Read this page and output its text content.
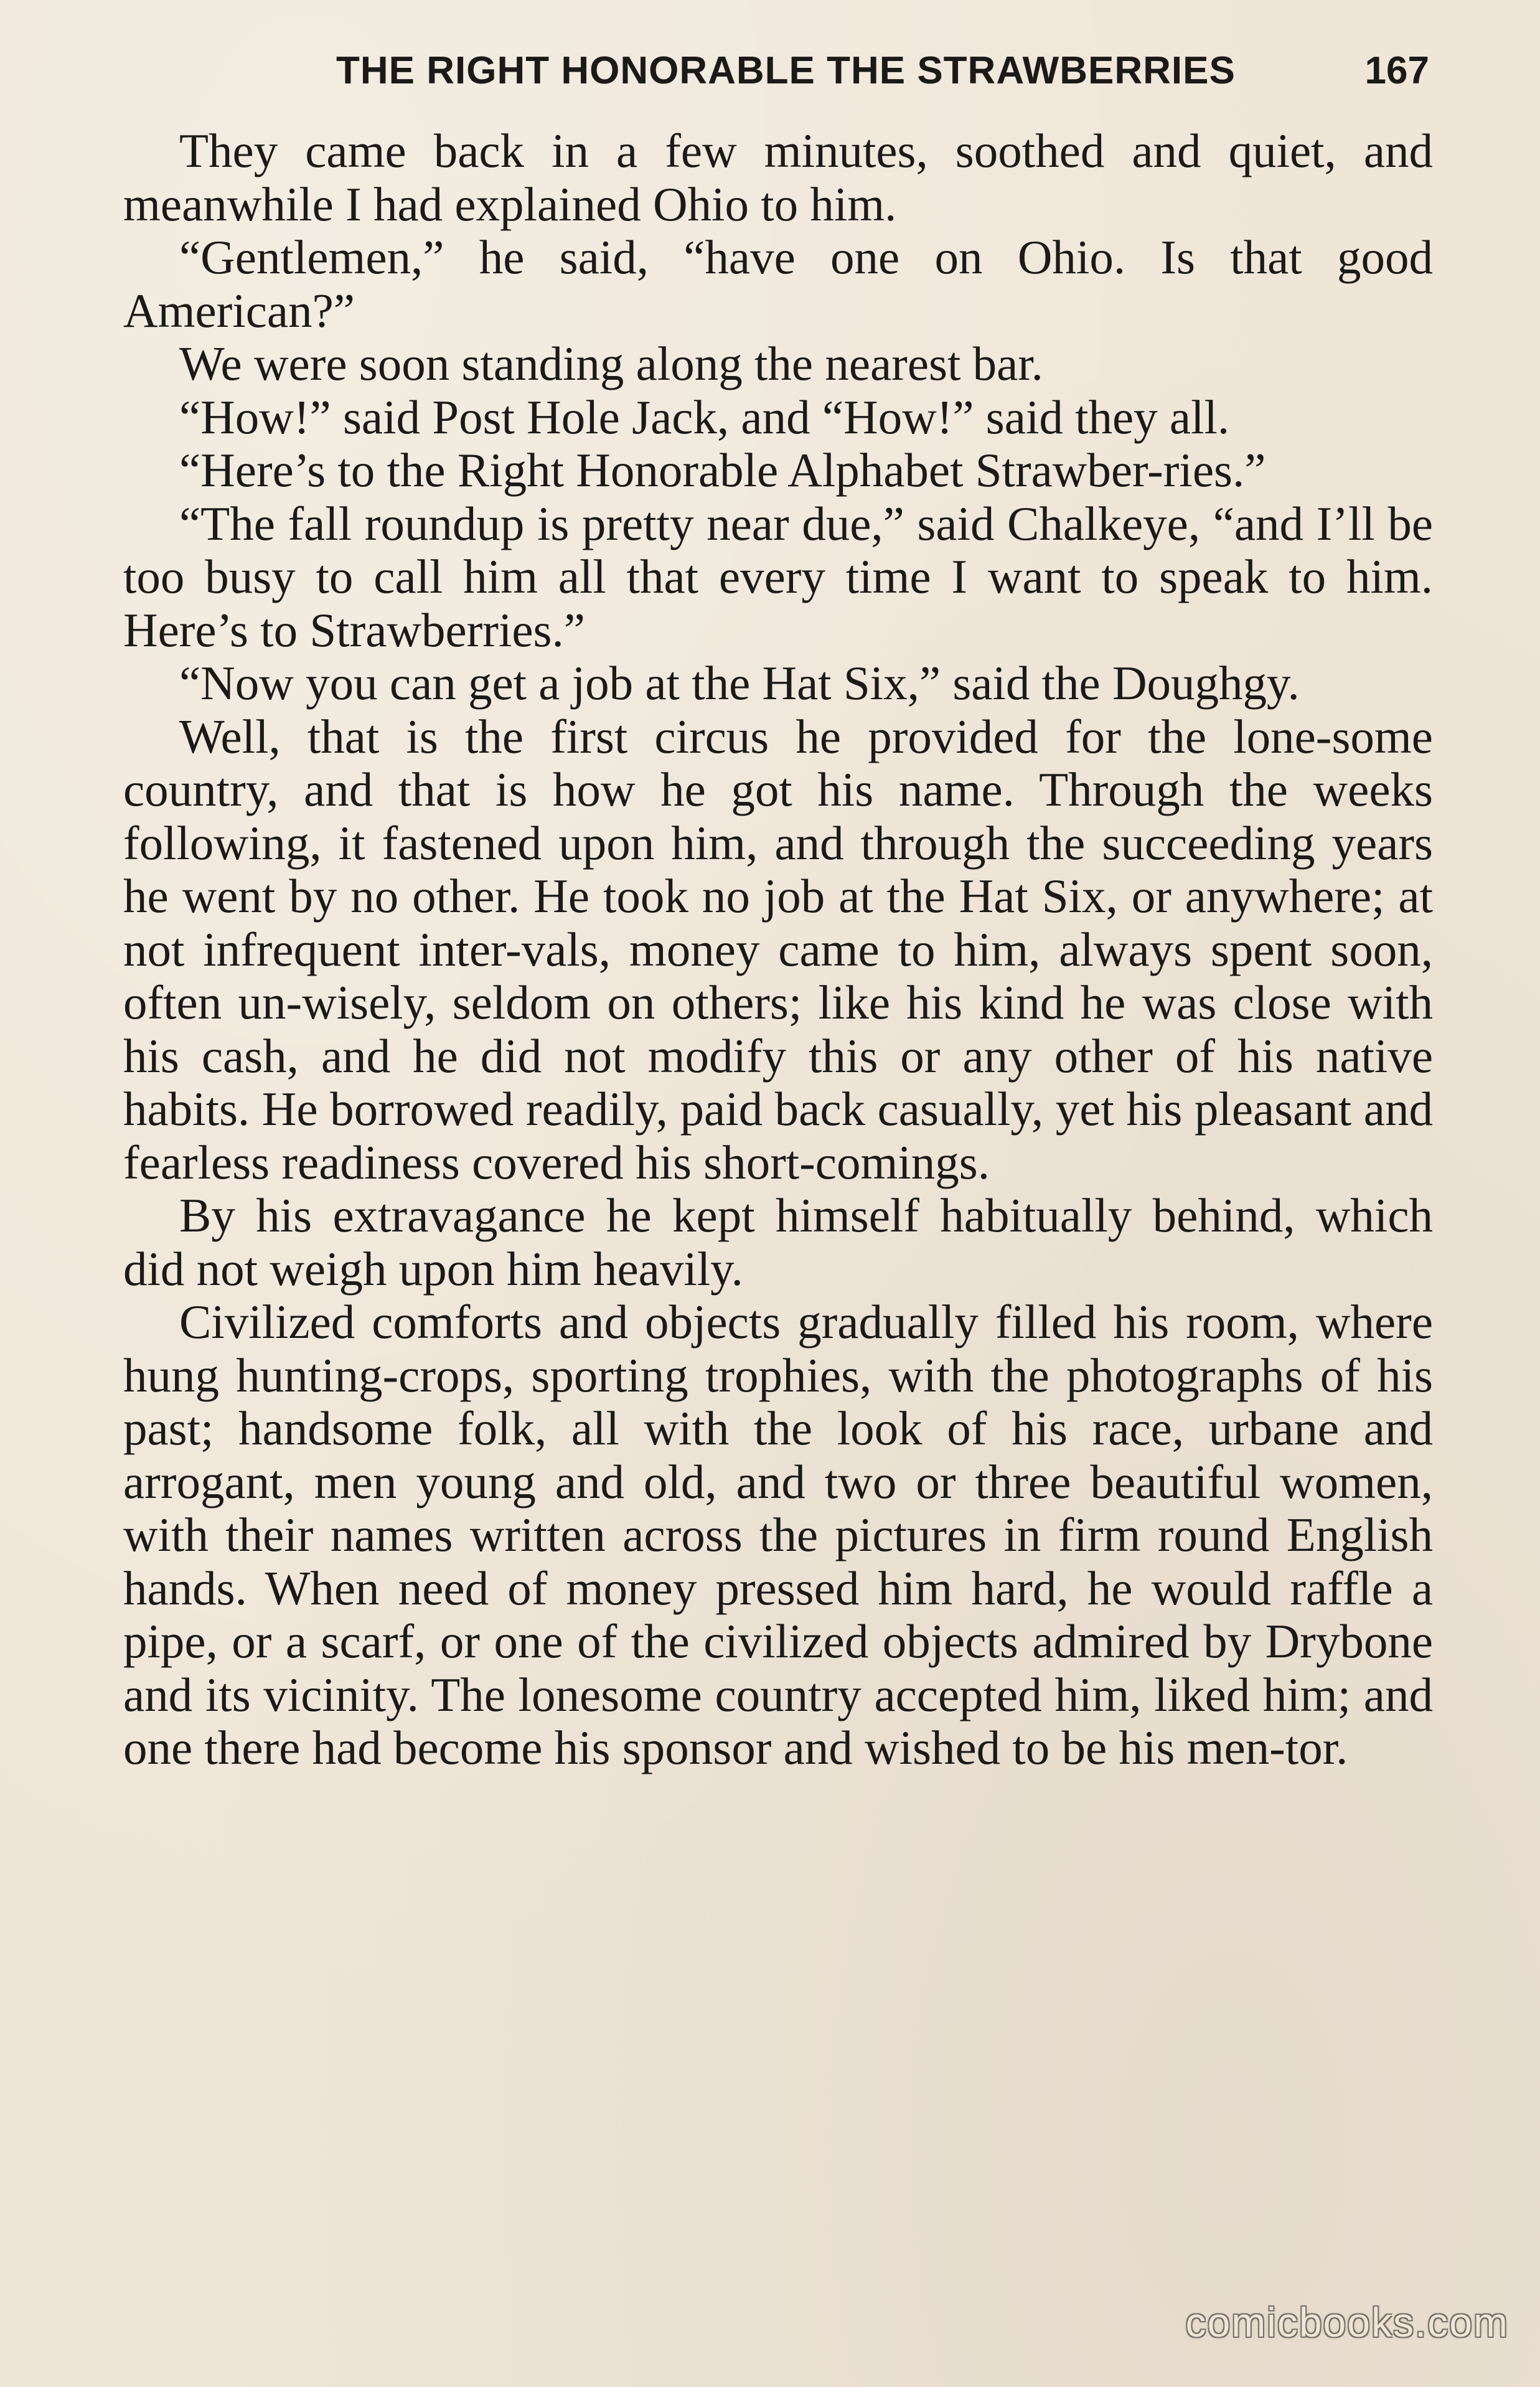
THE RIGHT HONORABLE THE STRAWBERRIES	167

They came back in a few minutes, soothed and quiet, and meanwhile I had explained Ohio to him.

“Gentlemen,” he said, “have one on Ohio. Is that good American?”

We were soon standing along the nearest bar.

“How!” said Post Hole Jack, and “How!” said they all.

“Here’s to the Right Honorable Alphabet Strawber-ries.”

“The fall roundup is pretty near due,” said Chalkeye, “and I’ll be too busy to call him all that every time I want to speak to him. Here’s to Strawberries.”

“Now you can get a job at the Hat Six,” said the Doughgy.

Well, that is the first circus he provided for the lone-some country, and that is how he got his name. Through the weeks following, it fastened upon him, and through the succeeding years he went by no other. He took no job at the Hat Six, or anywhere; at not infrequent inter-vals, money came to him, always spent soon, often un-wisely, seldom on others; like his kind he was close with his cash, and he did not modify this or any other of his native habits. He borrowed readily, paid back casually, yet his pleasant and fearless readiness covered his short-comings.

By his extravagance he kept himself habitually behind, which did not weigh upon him heavily.

Civilized comforts and objects gradually filled his room, where hung hunting-crops, sporting trophies, with the photographs of his past; handsome folk, all with the look of his race, urbane and arrogant, men young and old, and two or three beautiful women, with their names written across the pictures in firm round English hands. When need of money pressed him hard, he would raffle a pipe, or a scarf, or one of the civilized objects admired by Drybone and its vicinity. The lonesome country accepted him, liked him; and one there had become his sponsor and wished to be his men-tor.

comicbooks.com
